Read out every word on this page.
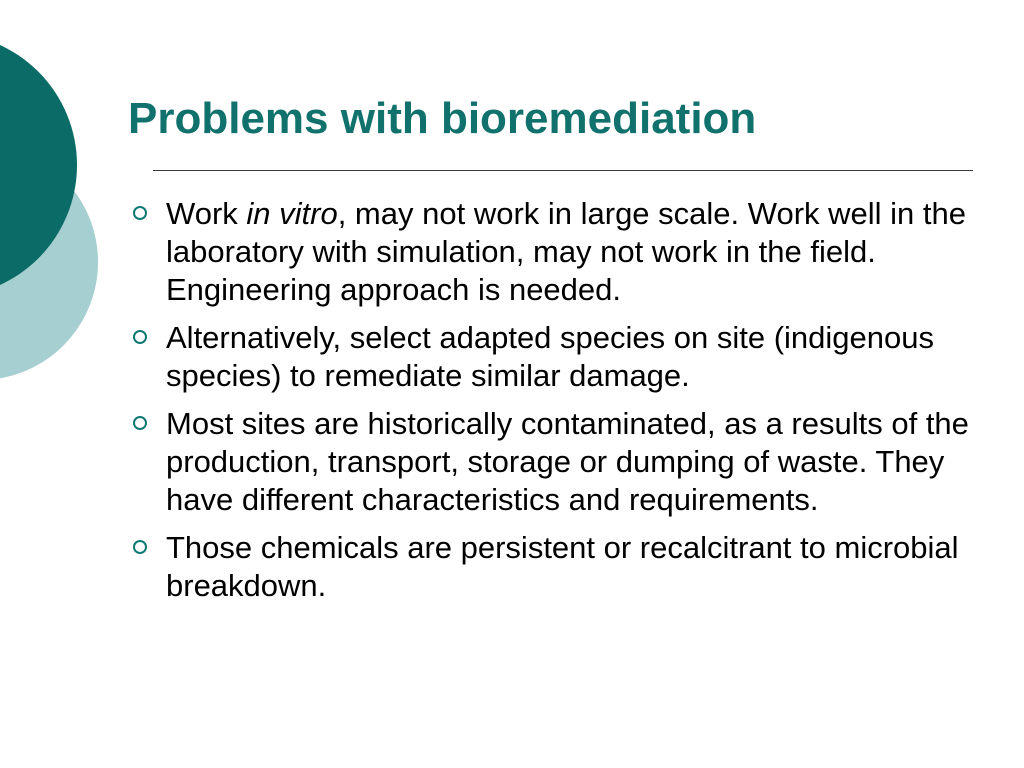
Problems with bioremediation
Work in vitro, may not work in large scale. Work well in the laboratory with simulation, may not work in the field. Engineering approach is needed.
Alternatively, select adapted species on site (indigenous species) to remediate similar damage.
Most sites are historically contaminated, as a results of the production, transport, storage or dumping of waste. They have different characteristics and requirements.
Those chemicals are persistent or recalcitrant to microbial breakdown.
